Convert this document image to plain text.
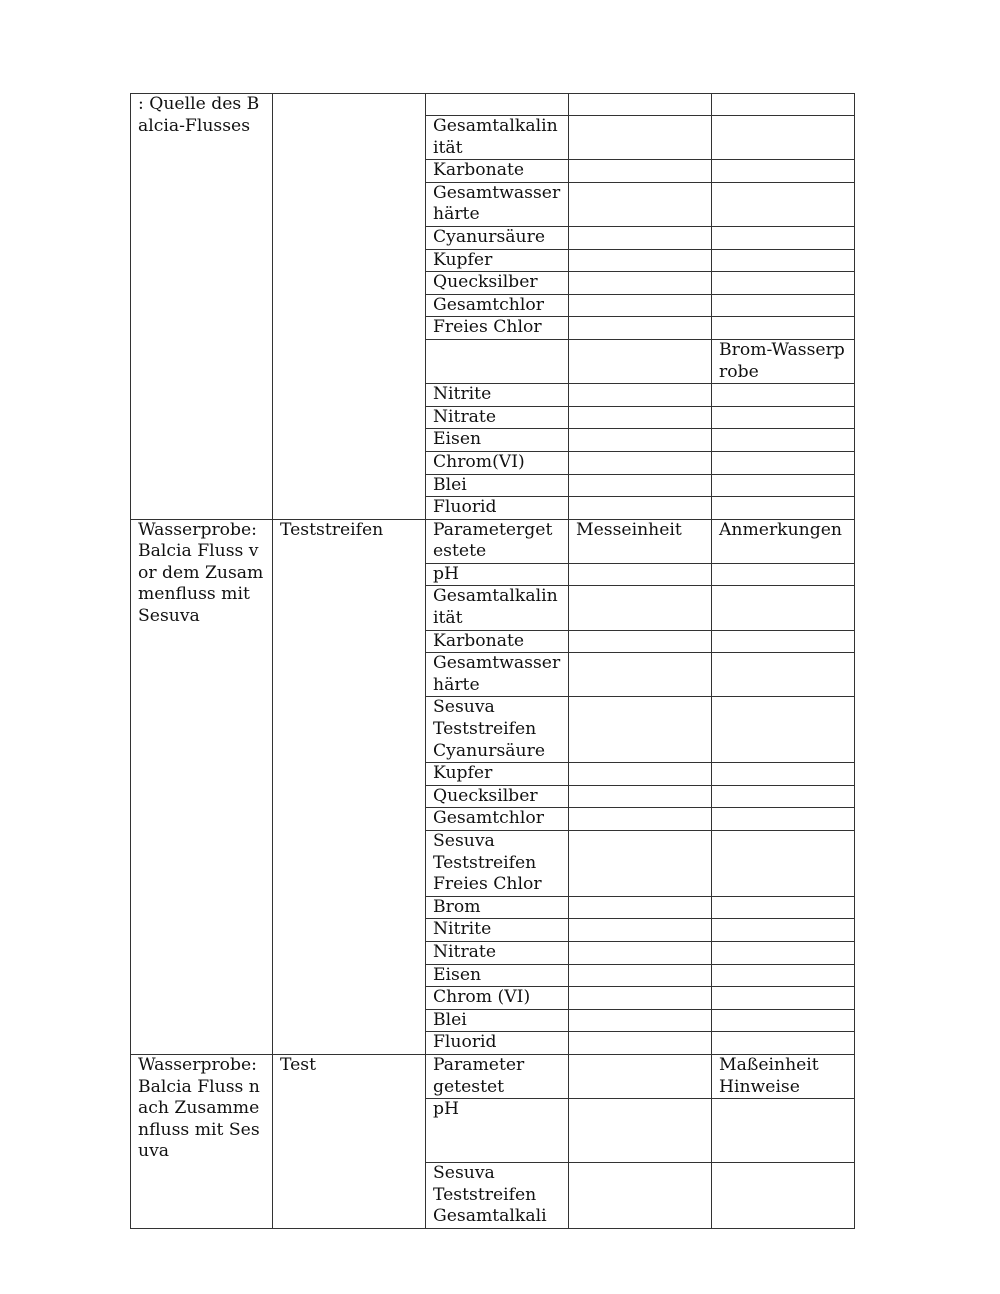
: Quelle des Balcia-Flusses				
		Gesamtalkalinität		
		Karbonate		
		Gesamtwasserhärte		
		Cyanursäure		
		Kupfer		
		Quecksilber		
		Gesamtchlor		
		Freies Chlor		
				Brom-Wasserprobe
		Nitrite		
		Nitrate		
		Eisen		
		Chrom(VI)		
		Blei		
		Fluorid		
Wasserprobe: Balcia Fluss vor dem Zusammenfluss mit Sesuva	Teststreifen	Parametergetestete	Messeinheit	Anmerkungen
		pH		
		Gesamtalkalinität		
		Karbonate		
		Gesamtwasserhärte		
		Sesuva Teststreifen Cyanursäure		
		Kupfer		
		Quecksilber		
		Gesamtchlor		
		Sesuva Teststreifen Freies Chlor		
		Brom		
		Nitrite		
		Nitrate		
		Eisen		
		Chrom (VI)		
		Blei		
		Fluorid		
Wasserprobe: Balcia Fluss nach Zusammenfluss mit Sesuva	Test	Parameter getestet		Maßeinheit Hinweise
		pH		
		Sesuva Teststreifen Gesamtalkali		
